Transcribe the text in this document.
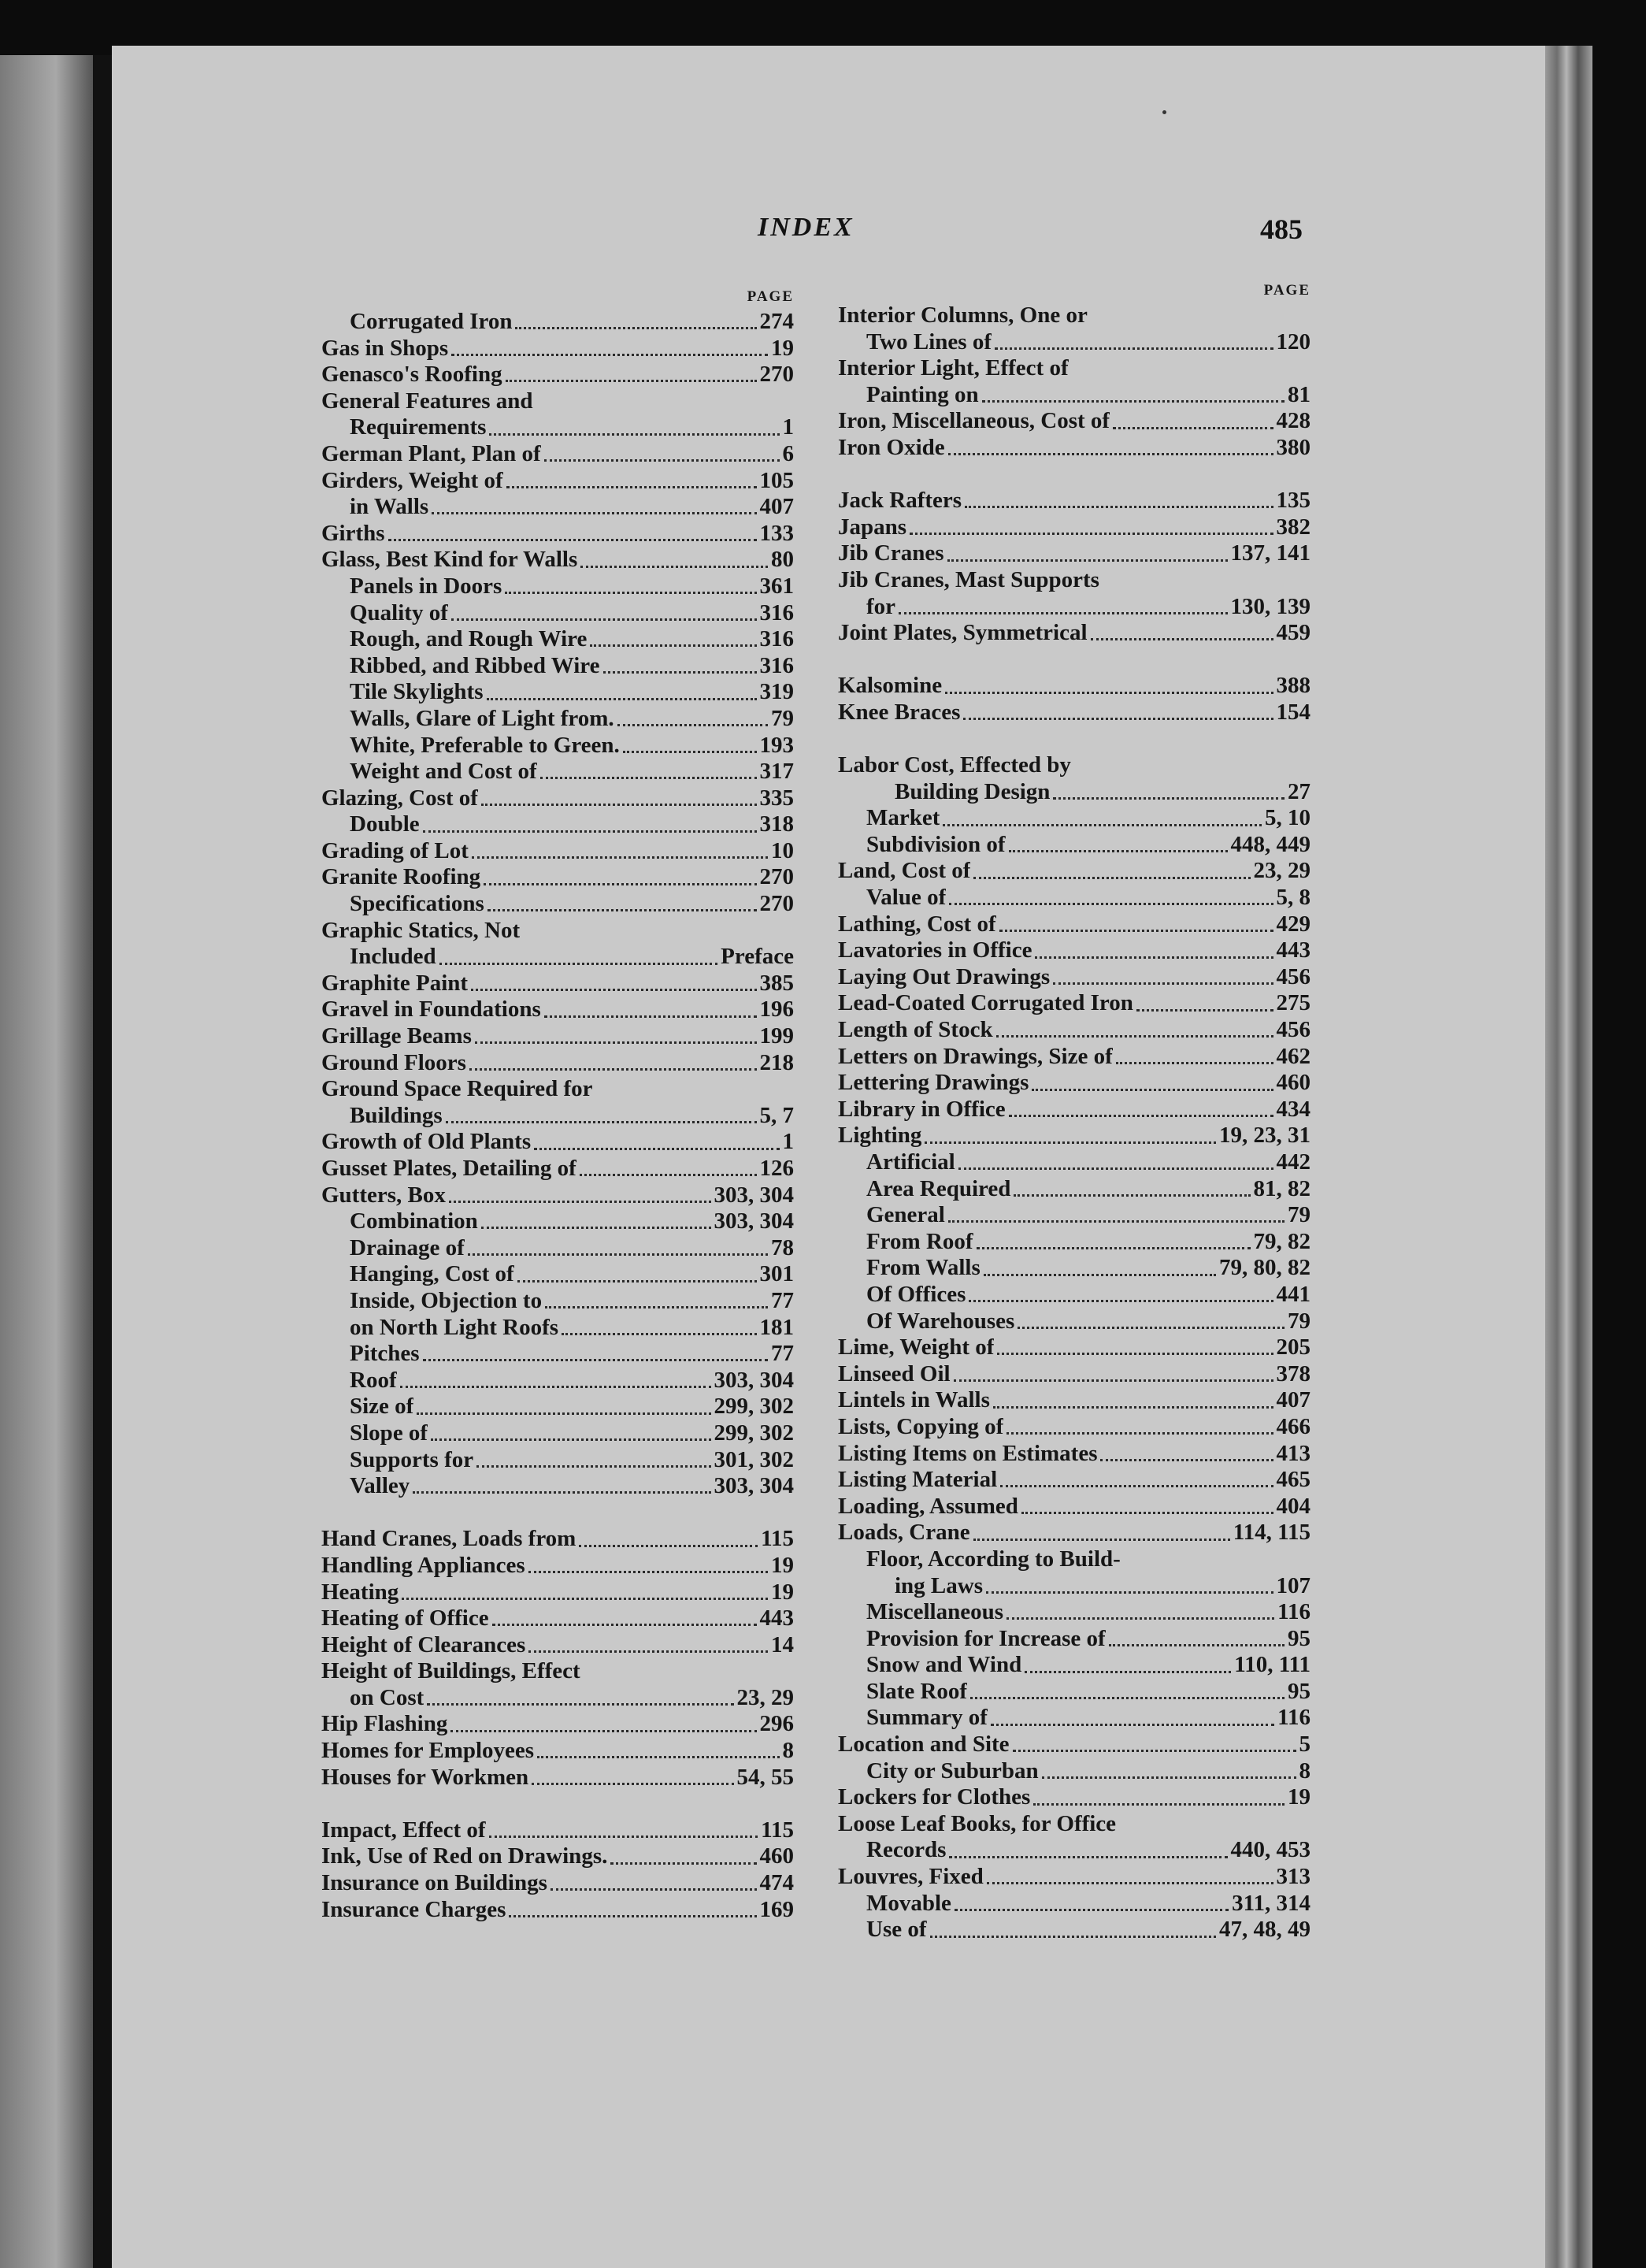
INDEX	485
PAGE
Corrugated Iron	274
Gas in Shops	19
Genasco's Roofing	270
General Features and
Requirements	1
German Plant, Plan of	6
Girders, Weight of	105
in Walls	407
Girths	133
Glass, Best Kind for Walls	80
Panels in Doors	361
Quality of	316
Rough, and Rough Wire	316
Ribbed, and Ribbed Wire	316
Tile Skylights	319
Walls, Glare of Light from.	79
White, Preferable to Green.	193
Weight and Cost of	317
Glazing, Cost of	335
Double	318
Grading of Lot	10
Granite Roofing	270
Specifications	270
Graphic Statics, Not
Included	Preface
Graphite Paint	385
Gravel in Foundations	196
Grillage Beams	199
Ground Floors	218
Ground Space Required for
Buildings	5, 7
Growth of Old Plants	1
Gusset Plates, Detailing of	126
Gutters, Box	303, 304
Combination	303, 304
Drainage of	78
Hanging, Cost of	301
Inside, Objection to	77
on North Light Roofs	181
Pitches	77
Roof	303, 304
Size of	299, 302
Slope of	299, 302
Supports for	301, 302
Valley	303, 304
Hand Cranes, Loads from	115
Handling Appliances	19
Heating	19
Heating of Office	443
Height of Clearances	14
Height of Buildings, Effect
on Cost	23, 29
Hip Flashing	296
Homes for Employees	8
Houses for Workmen	54, 55
Impact, Effect of	115
Ink, Use of Red on Drawings.	460
Insurance on Buildings	474
Insurance Charges	169
PAGE
Interior Columns, One or
Two Lines of	120
Interior Light, Effect of
Painting on	81
Iron, Miscellaneous, Cost of	428
Iron Oxide	380
Jack Rafters	135
Japans	382
Jib Cranes	137, 141
Jib Cranes, Mast Supports
for	130, 139
Joint Plates, Symmetrical	459
Kalsomine	388
Knee Braces	154
Labor Cost, Effected by
Building Design	27
Market	5, 10
Subdivision of	448, 449
Land, Cost of	23, 29
Value of	5, 8
Lathing, Cost of	429
Lavatories in Office	443
Laying Out Drawings	456
Lead-Coated Corrugated Iron	275
Length of Stock	456
Letters on Drawings, Size of	462
Lettering Drawings	460
Library in Office	434
Lighting	19, 23, 31
Artificial	442
Area Required	81, 82
General	79
From Roof	79, 82
From Walls	79, 80, 82
Of Offices	441
Of Warehouses	79
Lime, Weight of	205
Linseed Oil	378
Lintels in Walls	407
Lists, Copying of	466
Listing Items on Estimates	413
Listing Material	465
Loading, Assumed	404
Loads, Crane	114, 115
Floor, According to Build-
ing Laws	107
Miscellaneous	116
Provision for Increase of	95
Snow and Wind	110, 111
Slate Roof	95
Summary of	116
Location and Site	5
City or Suburban	8
Lockers for Clothes	19
Loose Leaf Books, for Office
Records	440, 453
Louvres, Fixed	313
Movable	311, 314
Use of	47, 48, 49
